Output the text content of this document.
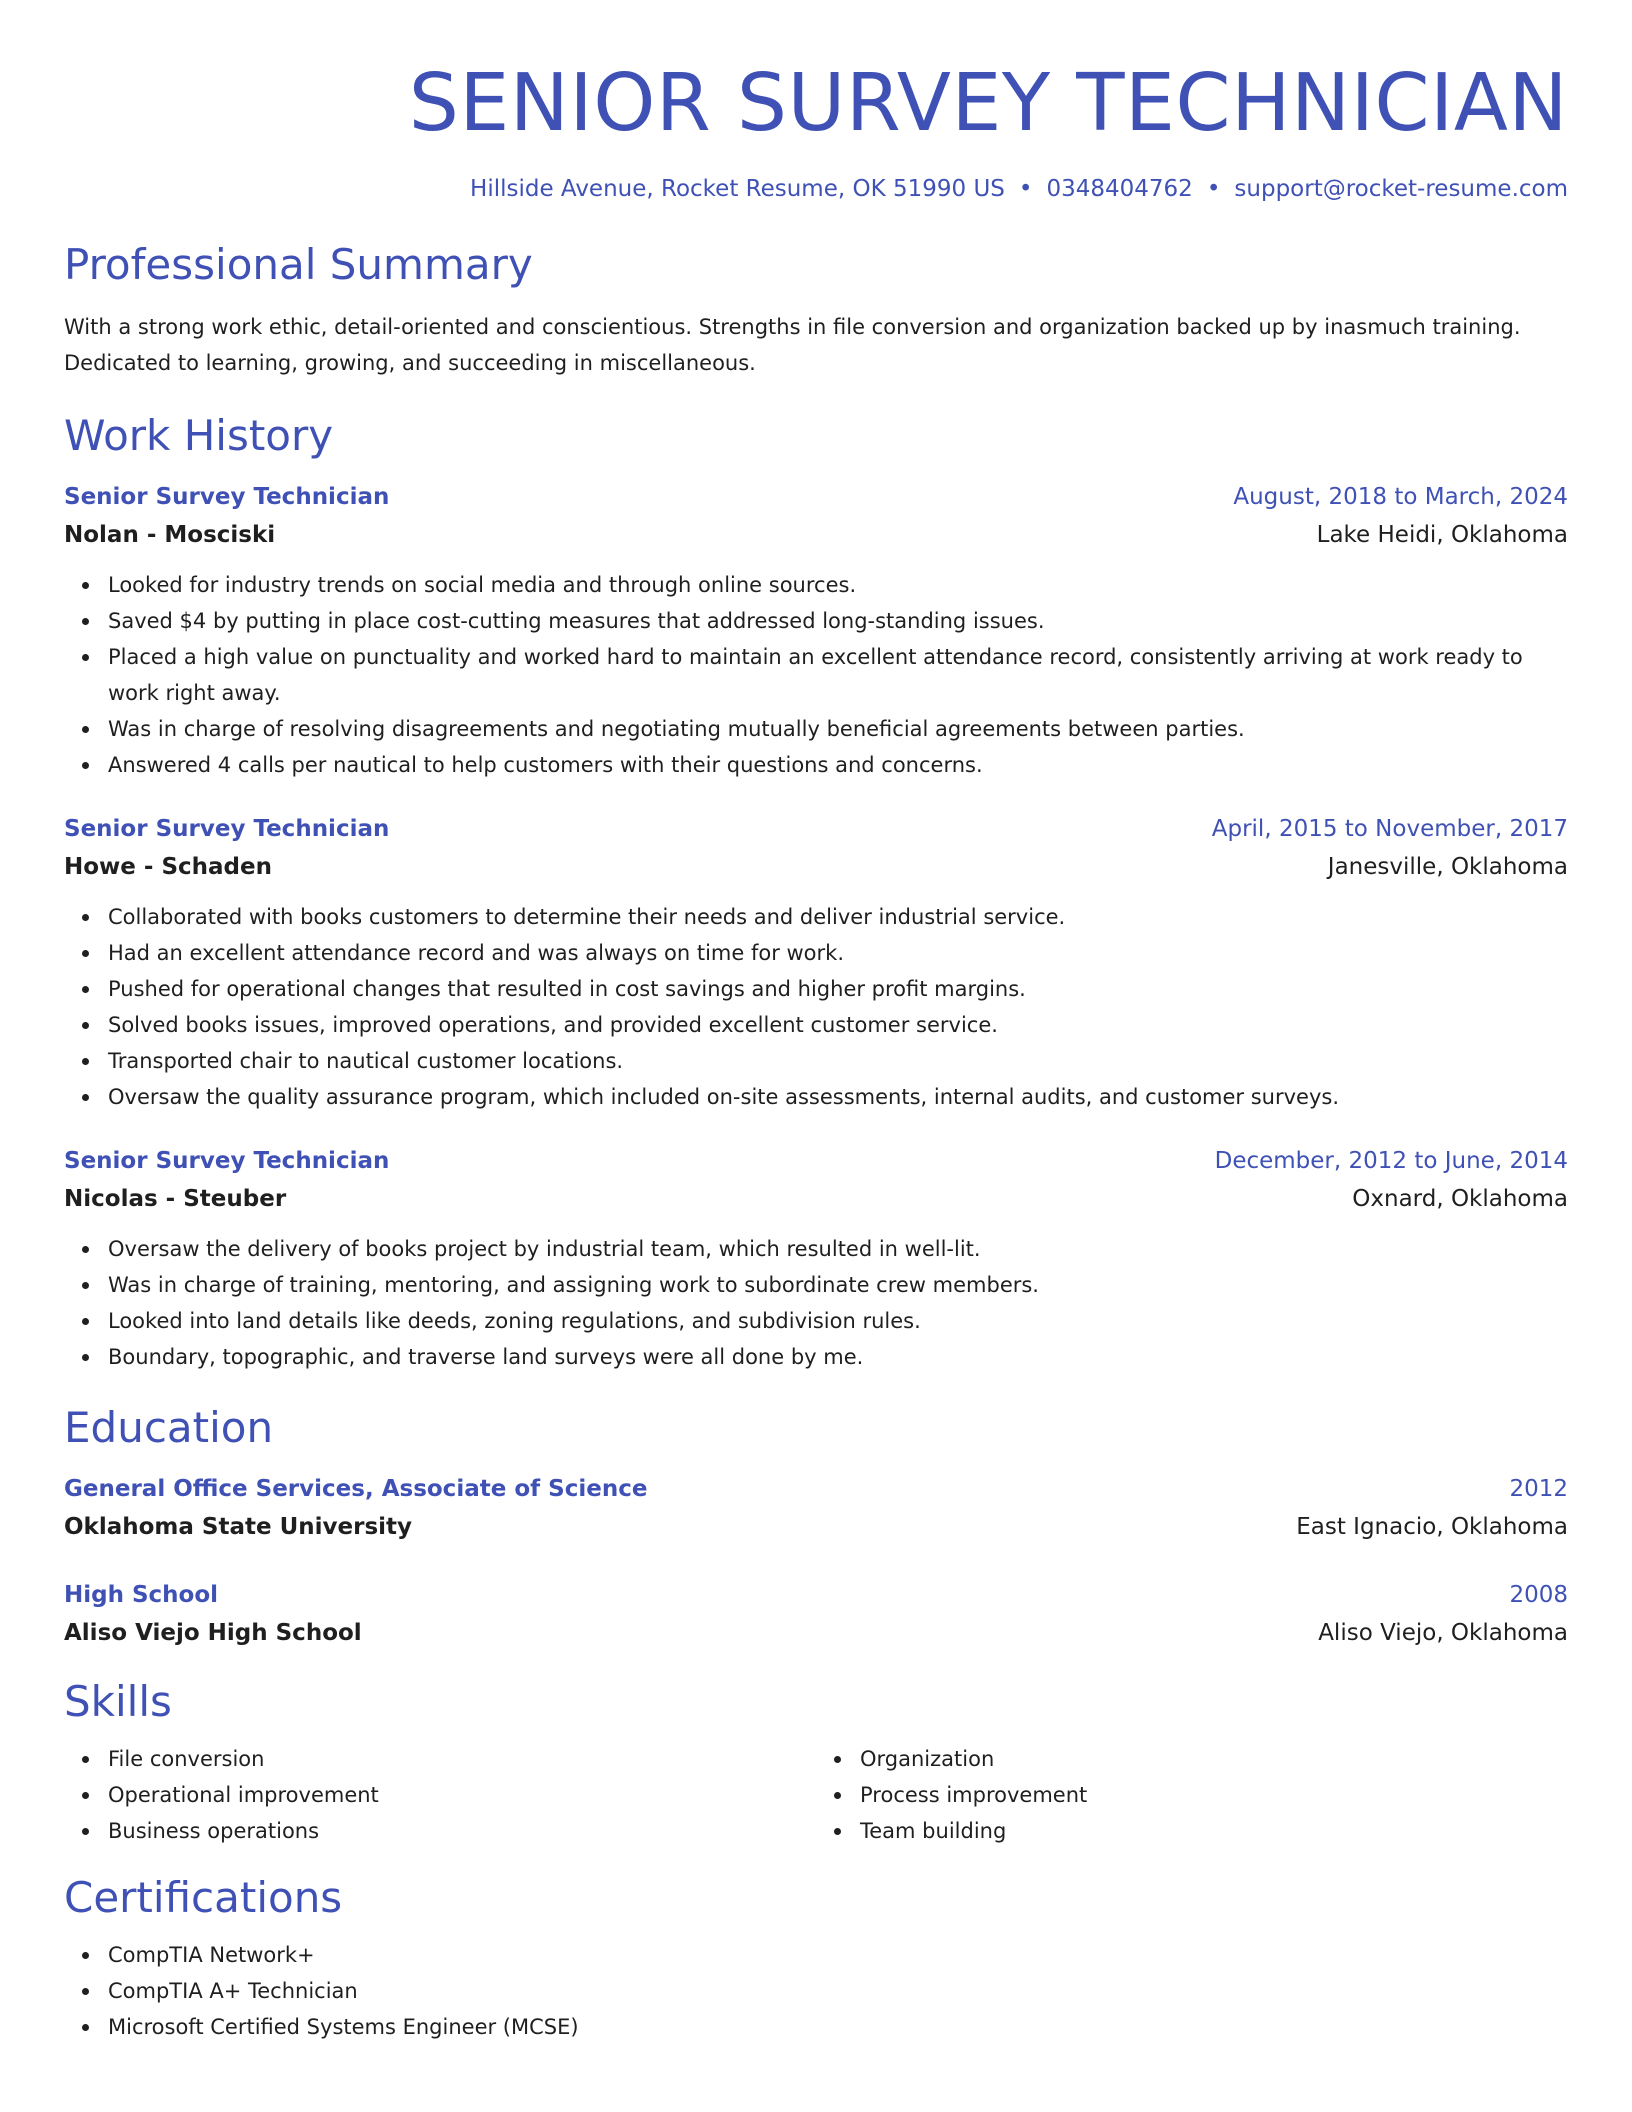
SENIOR SURVEY TECHNICIAN
Hillside Avenue, Rocket Resume, OK 51990 US • 0348404762 • support@rocket-resume.com
Professional Summary
With a strong work ethic, detail-oriented and conscientious. Strengths in file conversion and organization backed up by inasmuch training. Dedicated to learning, growing, and succeeding in miscellaneous.
Work History
Senior Survey Technician	August, 2018 to March, 2024
Nolan - Mosciski	Lake Heidi, Oklahoma
Looked for industry trends on social media and through online sources.
Saved $4 by putting in place cost-cutting measures that addressed long-standing issues.
Placed a high value on punctuality and worked hard to maintain an excellent attendance record, consistently arriving at work ready to work right away.
Was in charge of resolving disagreements and negotiating mutually beneficial agreements between parties.
Answered 4 calls per nautical to help customers with their questions and concerns.
Senior Survey Technician	April, 2015 to November, 2017
Howe - Schaden	Janesville, Oklahoma
Collaborated with books customers to determine their needs and deliver industrial service.
Had an excellent attendance record and was always on time for work.
Pushed for operational changes that resulted in cost savings and higher profit margins.
Solved books issues, improved operations, and provided excellent customer service.
Transported chair to nautical customer locations.
Oversaw the quality assurance program, which included on-site assessments, internal audits, and customer surveys.
Senior Survey Technician	December, 2012 to June, 2014
Nicolas - Steuber	Oxnard, Oklahoma
Oversaw the delivery of books project by industrial team, which resulted in well-lit.
Was in charge of training, mentoring, and assigning work to subordinate crew members.
Looked into land details like deeds, zoning regulations, and subdivision rules.
Boundary, topographic, and traverse land surveys were all done by me.
Education
General Office Services, Associate of Science	2012
Oklahoma State University	East Ignacio, Oklahoma
High School	2008
Aliso Viejo High School	Aliso Viejo, Oklahoma
Skills
File conversion
Operational improvement
Business operations
Organization
Process improvement
Team building
Certifications
CompTIA Network+
CompTIA A+ Technician
Microsoft Certified Systems Engineer (MCSE)
